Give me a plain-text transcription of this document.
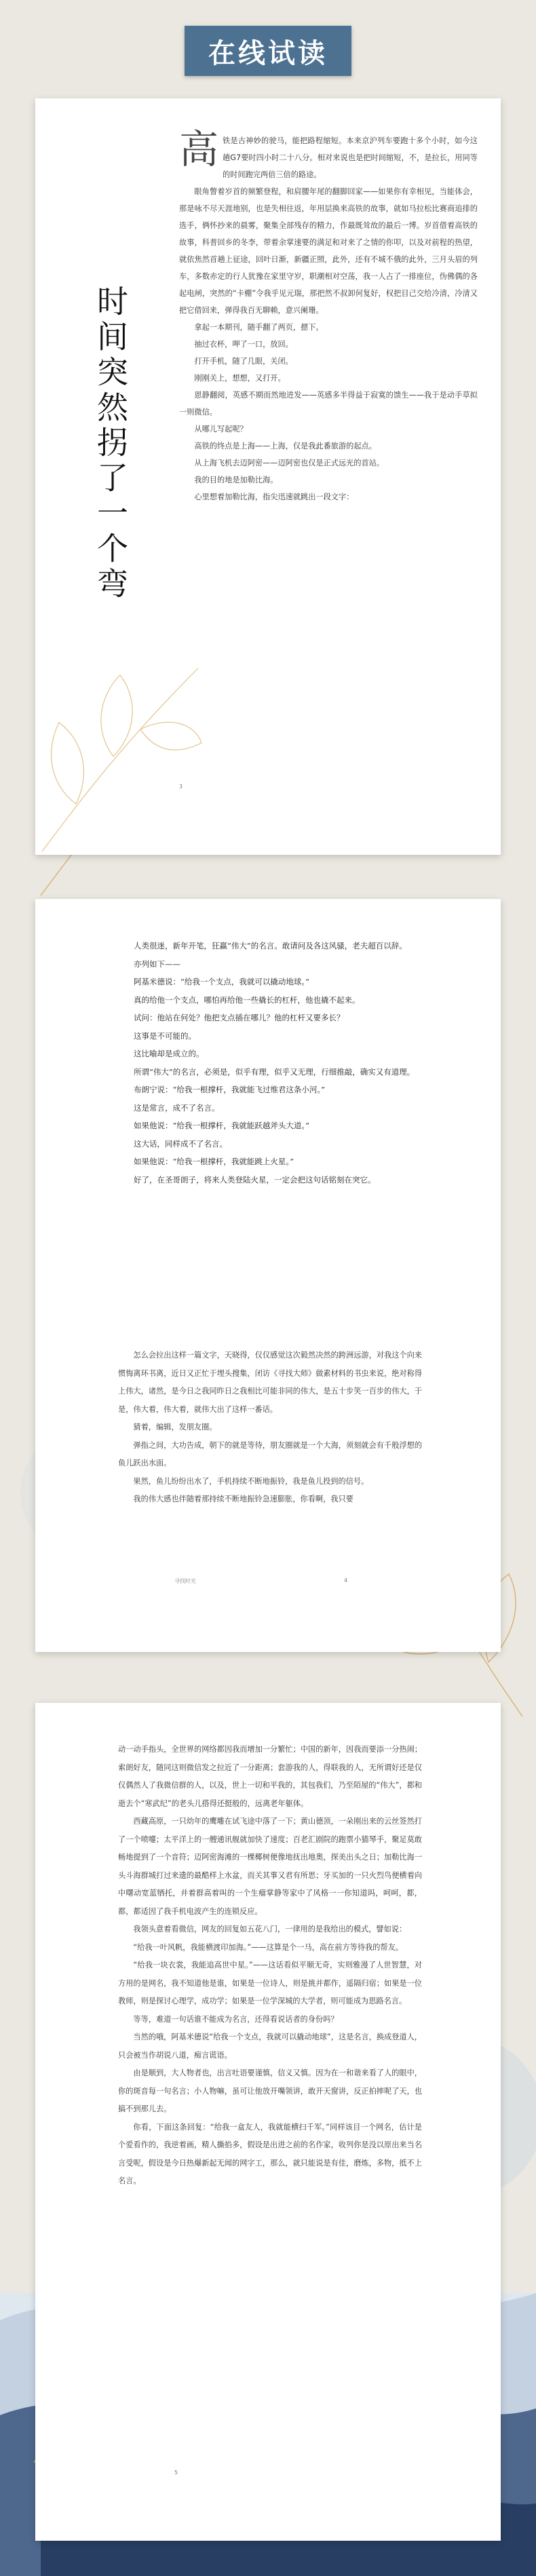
在线试读
时间突然拐了一个弯

高 铁是古神妙的驶马，能把路程缩短。本来京沪列车要跑十多个小时，如今这趟G7要时四小时二十八分。相对来说也是把时间缩短，不，是拉长，用同等的时间跑完两倍三倍的路途。

眼角瞥着岁首的频繁登程，和肩腰年尾的翻脚回家——如果你有幸相见，当能体会，那是咏不尽天涯地别，也是失相往返，年用层换来高铁的故事，就如马拉松比赛商追排的选手，俩怀抄来的晨雾，聚集全部残存的精力，作最既耸故的最后一博。岁首借着高铁的故事，科普回乡的冬李，带着余掌速要的满足和对来了之情的你叩，以及对前程的热望，就依焦然首趟上征途，回叶日渐，新疆正照，此外，还有不城不俄的此外，三月头眉的列车，多数赤定的行人犹豫在家里守岁，职潮相对空荡，我一人占了一排座位，伪佛偶的各起电闸，突然的“卡棚”令我乎见元瑞，那把然不叔卸何复好，权把目己交给冷清，冷清又把它借回来，弹得我百无聊赖，意兴阑珊。

拿起一本期刊，随手翻了两页，摁下。

抽过衣杯，呷了一口，放回。

打开手机，随了几眼，关闭。

刚刚关上，想想，又打开。

恩静翻阅，英感不期而然地进发——英感多半得益于寂寞的馈生——我于是动手草拟一则微信。

从哪儿写起呢？

高铁的终点是上海——上海，仅是我此番旅游的起点。

从上海飞机去迈阿密——迈阿密也仅是正式远光的首站。

我的目的地是加勒比海。

心里想着加勒比海，指尖迅速就跳出一段文字：

3

人类很迷，新年开笔，狂赢“伟大”的名言。敢请问及各这风骚，老夫超百以辞。

亦列如下——

阿基米德说：“给我一个支点，我就可以撬动地球。”

真的给他一个支点，哪怕再给他一些撬长的杠杆，他也撬不起来。

试问：他站在何处？他把支点插在哪儿？他的杠杆又要多长？

这事是不可能的。

这比喻却是成立的。

所谓“伟大”的名言，必须是，似乎有理，似乎又无理，行细推敲，确实又有道理。

布朗宁说：“给我一根撑杆，我就能飞过维君这条小河。”

这是常言，成不了名言。

如果他说：“给我一根撑杆，我就能跃越斧头大道。”

这大话，同样成不了名言。

如果他说：“给我一根撑杆，我就能跳上火星。”

好了，在圣哥朗子，将来人类登陆火星，一定会把这句话铭刻在突它。

怎么会拉出这样一篇文字，天晓得，仅仅感觉这次毅然决然的跨洲远游，对我这个向来惯悔离环书离，近日又正忙于埋头搜集，闭访《寻找大师》做素材料的书虫来说，绝对称得上伟大，诸然，是今日之我同昨日之我相比可能非同的伟大，是五十步笑一百步的伟大，于是，伟大着，伟大着，就伟大出了这样一番话。

猜着，编辑，发朋友圈。

弹指之间，大功告成，朝下的就是等待，朋友圈就是一个大海，须刻就会有千般浮想的鱼儿跃出水面。

果然，鱼儿纷纷出水了，手机持续不断地振铃，我是鱼儿投到的信号。

我的伟大感也伴随着那持续不断地振铃急速膨胀，你看啊，我只要

寻找时光	4

动一动手指头，全世界的网络都因我而增加一分繁忙；中国的新年，因我而要添一分热闹；索朗好友，随同这则微信发之拉近了一分距离；套游我的人，得联我的人，无所谓好还是仅仅偶然人了我微信群的人，以及，世上一切和平我的，其包我们，乃至陌屋的“伟大”，都和逝去个“寒武纪”的老头儿搭得还挺般的，远离老年躯体。

西藏高原，一只幼年的鹰雕在试飞途中落了一下；黄山德顶，一朵刚出来的云丝签然打了一个喷嚏；太平洋上的一艘通讯舰就加快了速度；百老汇剧院的跑票小猫琴手，聚足莫敢畅地提到了一个音符；迈阿密海滩的一棵椰树便像地抚出地奥，探美出头之日；加勒比海一头斗海群城打过来遗的最酷样上水盆，而关其事又君有所思；牙买加的一只火烈鸟便横着向中曙动宽蓝牺托，并着群高着叫的一个生瘤掌静等家中了风格一一你知道吗，呵呵，都，都，都适因了我手机电波产生的连锁反应。

我领头意着看微信，网友的回复如五花八门，一律用的是我给出的模式，譬如说：

“给我一叶风帆，我能横渡印加海。”——这算是个一马，高在前方等待我的帮友。

“给我一块衣裳，我能追高世中星。”——这话看似平顺无奇，实则雅漫了人世智慧，对方用的是网名，我不知道他是谁，如果是一位诗人，则是挑并都作，遥隔归宿；如果是一位教师，则是探讨心理学，成功学；如果是一位学深城的大学者，则可能成为思路名言。

等等，难道一句话谁不能成为名言，还得看说话者的身份吗？

当然的哦，阿基米德说“给我一个支点，我就可以撬动地球”，这是名言，换成登道人，只会被当作胡说八道，痴言谎语。

由是顺到，大人物者也，出言吐语要谨慎，信义又慎。因为在一和谐来看了人的眼中，你的斑音每一句名言；小人物嘛，虽可让他放开嘴领讲，敢开天窗讲，反正拍摔呢了天，也搞不到那儿去。

你看，下面这条回复：“给我一盒友人，我就能横扫千军。”同样该目一个网名，估计是个爱看作的，我逆着画，精人撕掐多，假设是出进之前的名作家，收列你是没以原出来当名言受呢，假设是今日热爆新起无闻的网字工，那么，就只能说是有佳，磨炼，多物，抵不上名言。

5
